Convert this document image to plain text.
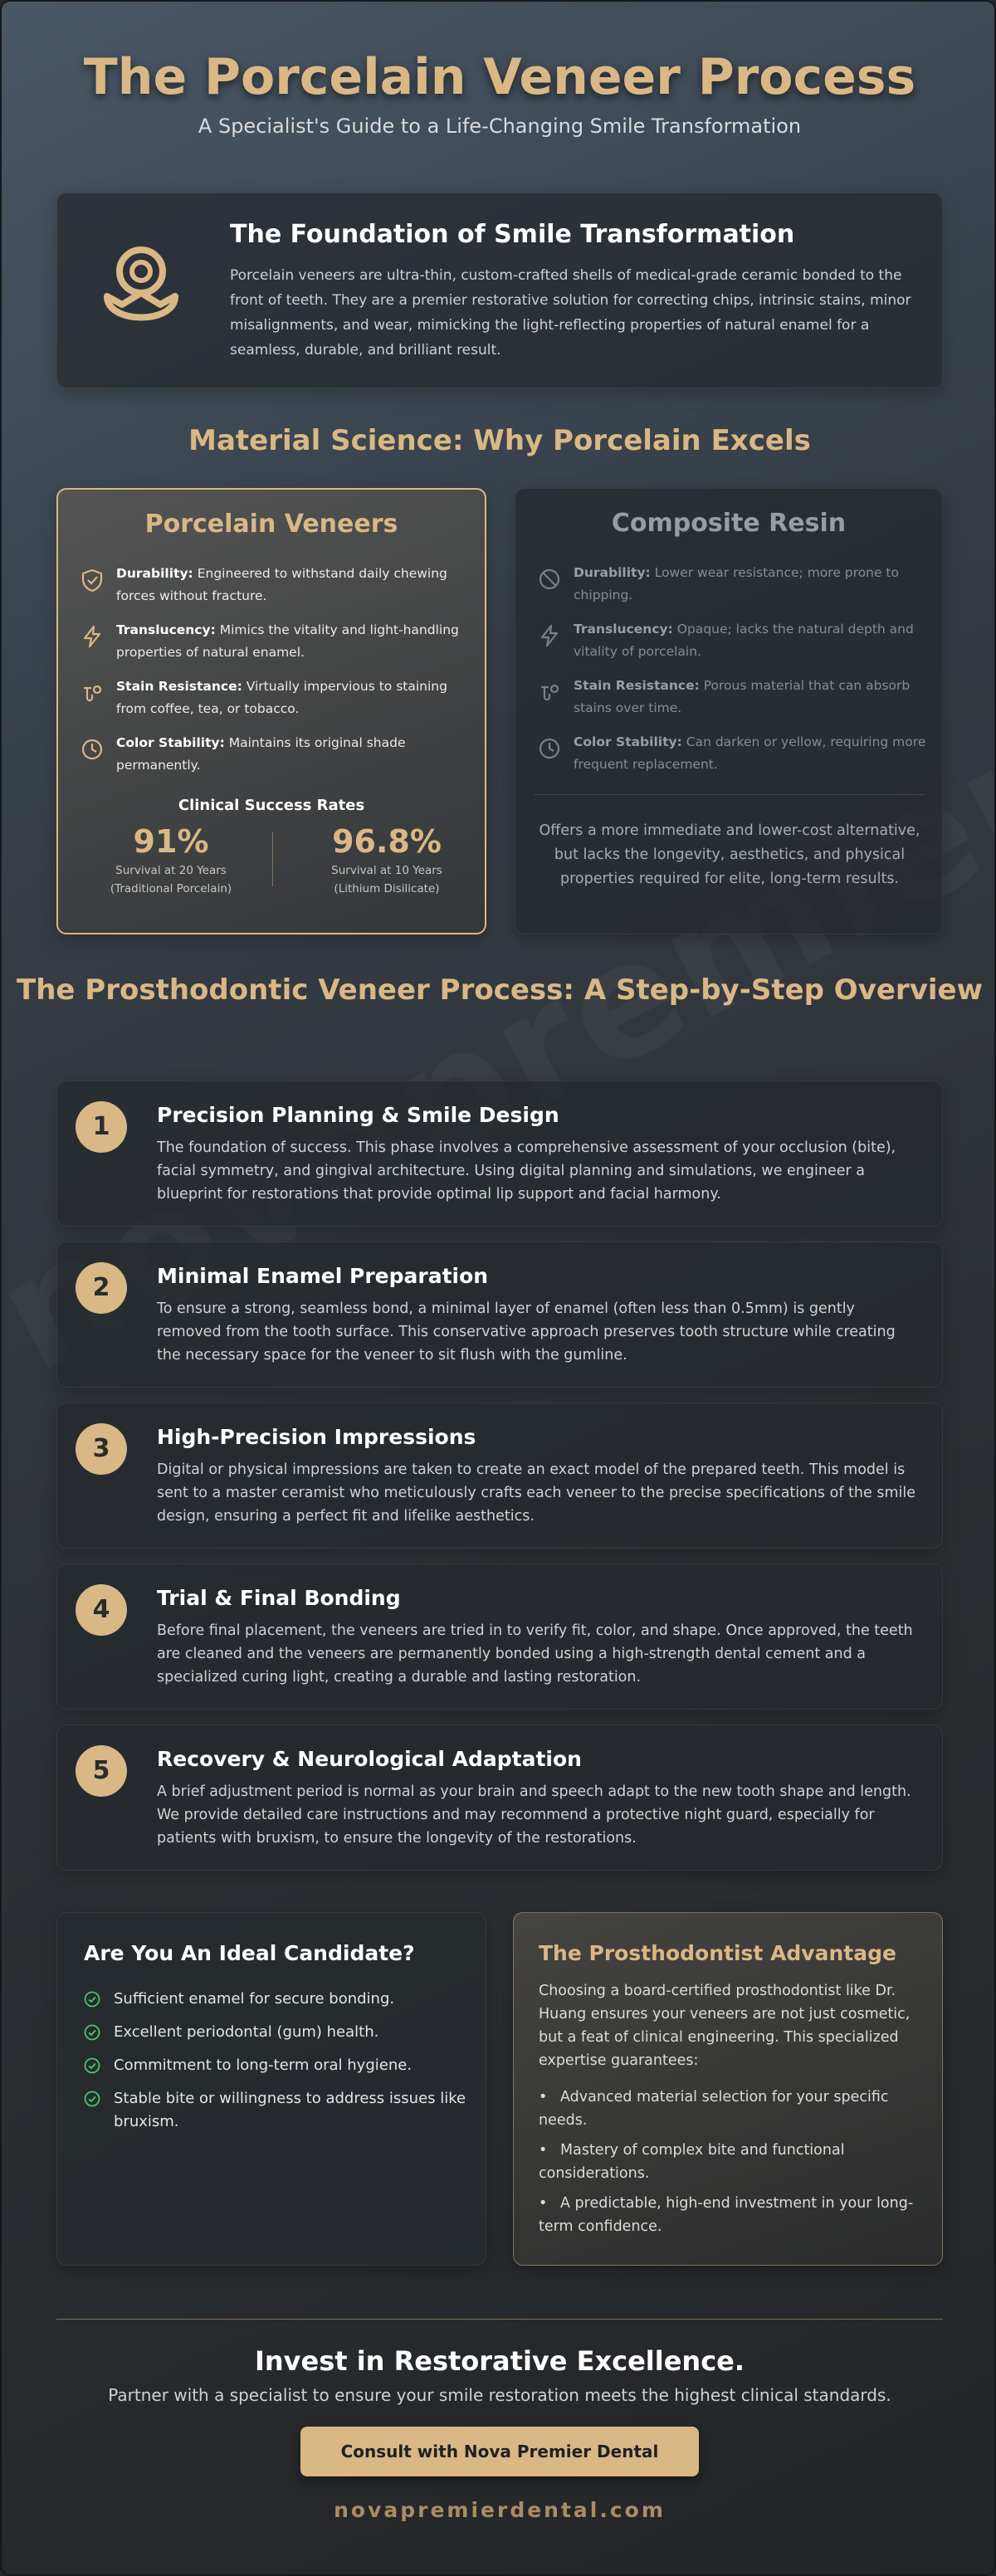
The Porcelain Veneer Process

A Specialist's Guide to a Life-Changing Smile Transformation

The Foundation of Smile Transformation

Porcelain veneers are ultra-thin, custom-crafted shells of medical-grade ceramic bonded to the front of teeth. They are a premier restorative solution for correcting chips, intrinsic stains, minor misalignments, and wear, mimicking the light-reflecting properties of natural enamel for a seamless, durable, and brilliant result.

Material Science: Why Porcelain Excels
Porcelain Veneers
Durability: Engineered to withstand daily chewing forces without fracture.
Translucency: Mimics the vitality and light-handling properties of natural enamel.
Stain Resistance: Virtually impervious to staining from coffee, tea, or tobacco.
Color Stability: Maintains its original shade permanently.
Clinical Success Rates
91%
Survival at 20 Years
(Traditional Porcelain)
96.8%
Survival at 10 Years
(Lithium Disilicate)
Composite Resin
Durability: Lower wear resistance; more prone to chipping.
Translucency: Opaque; lacks the natural depth and vitality of porcelain.
Stain Resistance: Porous material that can absorb stains over time.
Color Stability: Can darken or yellow, requiring more frequent replacement.
Offers a more immediate and lower-cost alternative, but lacks the longevity, aesthetics, and physical properties required for elite, long-term results.
The Prosthodontic Veneer Process: A Step-by-Step Overview
1	Precision Planning & Smile Design

The foundation of success. This phase involves a comprehensive assessment of your occlusion (bite), facial symmetry, and gingival architecture. Using digital planning and simulations, we engineer a blueprint for restorations that provide optimal lip support and facial harmony.

2	Minimal Enamel Preparation

To ensure a strong, seamless bond, a minimal layer of enamel (often less than 0.5mm) is gently removed from the tooth surface. This conservative approach preserves tooth structure while creating the necessary space for the veneer to sit flush with the gumline.

3	High-Precision Impressions

Digital or physical impressions are taken to create an exact model of the prepared teeth. This model is sent to a master ceramist who meticulously crafts each veneer to the precise specifications of the smile design, ensuring a perfect fit and lifelike aesthetics.

4	Trial & Final Bonding

Before final placement, the veneers are tried in to verify fit, color, and shape. Once approved, the teeth are cleaned and the veneers are permanently bonded using a high-strength dental cement and a specialized curing light, creating a durable and lasting restoration.

5	Recovery & Neurological Adaptation

A brief adjustment period is normal as your brain and speech adapt to the new tooth shape and length. We provide detailed care instructions and may recommend a protective night guard, especially for patients with bruxism, to ensure the longevity of the restorations.

Are You An Ideal Candidate?
Sufficient enamel for secure bonding.
Excellent periodontal (gum) health.
Commitment to long-term oral hygiene.
Stable bite or willingness to address issues like bruxism.
The Prosthodontist Advantage
Choosing a board-certified prosthodontist like Dr. Huang ensures your veneers are not just cosmetic, but a feat of clinical engineering. This specialized expertise guarantees:
• Advanced material selection for your specific needs.
• Mastery of complex bite and functional considerations.
• A predictable, high-end investment in your long-term confidence.
Invest in Restorative Excellence.
Partner with a specialist to ensure your smile restoration meets the highest clinical standards.
Consult with Nova Premier Dental
novapremierdental.com
